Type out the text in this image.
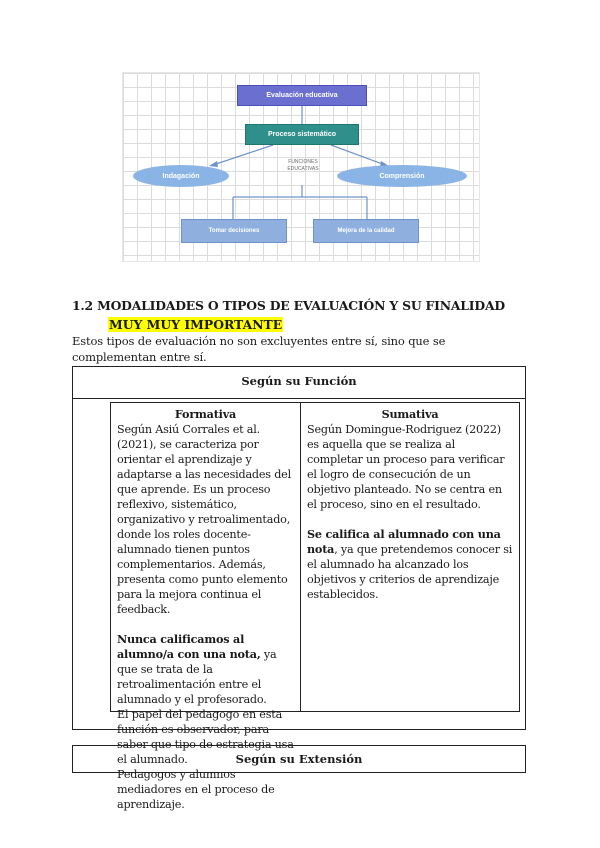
Evaluación educativa
Proceso sistemático
Indagación	Comprensión
FUNCIONES EDUCATIVAS
Tomar decisiones	Mejora de la calidad
1.2 MODALIDADES O TIPOS DE EVALUACIÓN Y SU FINALIDAD
MUY MUY IMPORTANTE
Estos tipos de evaluación no son excluyentes entre sí, sino que se complementan entre sí.
Según su Función
Formativa

Según Asiú Corrales et al. (2021), se caracteriza por orientar el aprendizaje y adaptarse a las necesidades del que aprende. Es un proceso reflexivo, sistemático, organizativo y retroalimentado, donde los roles docente-alumnado tienen puntos complementarios. Además, presenta como punto elemento para la mejora continua el feedback.

Nunca calificamos al alumno/a con una nota, ya que se trata de la retroalimentación entre el alumnado y el profesorado.

El papel del pedagogo en esta función es observador, para saber que tipo de estrategia usa el alumnado.

Pedagogos y alumnos mediadores en el proceso de aprendizaje.

Sumativa

Según Domingue-Rodriguez (2022) es aquella que se realiza al completar un proceso para verificar el logro de consecución de un objetivo planteado. No se centra en el proceso, sino en el resultado.

Se califica al alumnado con una nota, ya que pretendemos conocer si el alumnado ha alcanzado los objetivos y criterios de aprendizaje establecidos.

Según su Extensión
